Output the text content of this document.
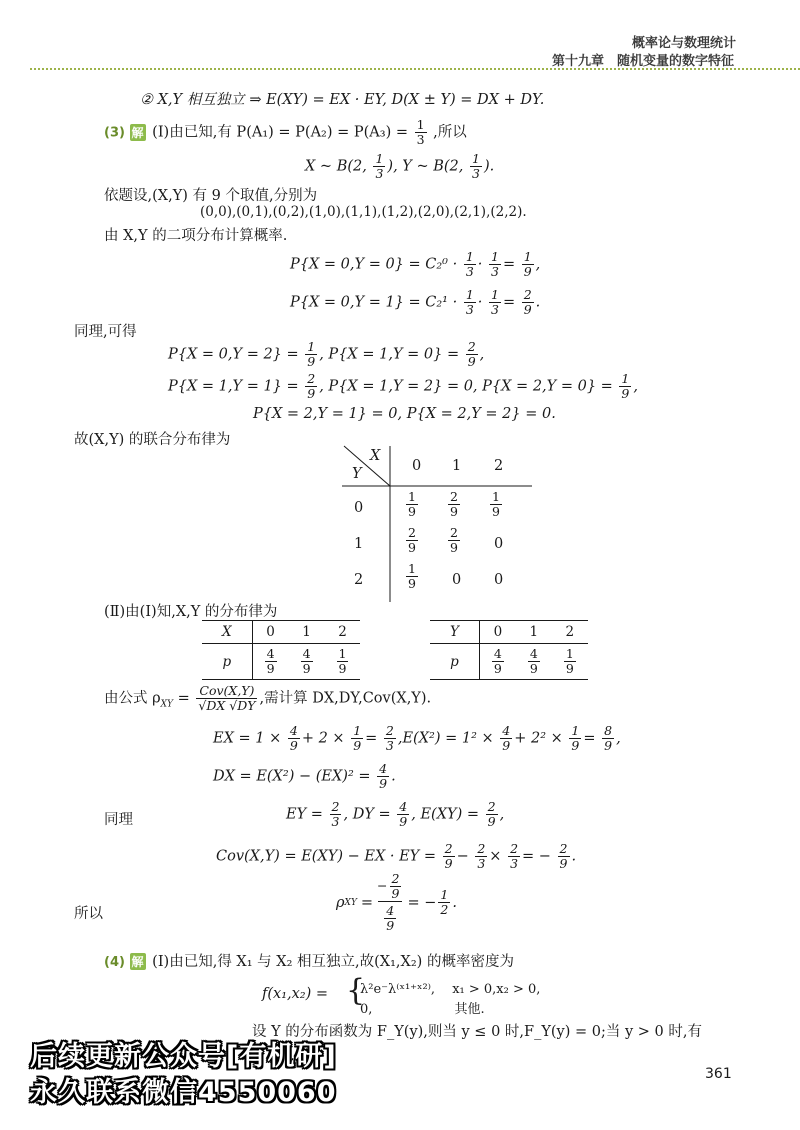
概率论与数理统计
第十九章　随机变量的数字特征
② X,Y 相互独立 ⇒ E(XY) = EX · EY, D(X ± Y) = DX + DY.
(3) 解 (Ⅰ)由已知,有 $P(A_1) = P(A_2) = P(A_3) = \frac{1}{3}$ ,所以
X ~ B(2, $\frac{1}{3}$ ), Y ~ B(2, $\frac{1}{3}$ ).
依题设,(X,Y) 有 9 个取值,分别为
(0,0),(0,1),(0,2),(1,0),(1,1),(1,2),(2,0),(2,1),(2,2).
由 X,Y 的二项分布计算概率.
$P\{X = 0,Y = 0\} = C_2^0 \cdot \frac{1}{3} \cdot \frac{1}{3} = \frac{1}{9}$ ,
$P\{X = 0,Y = 1\} = C_2^1 \cdot \frac{1}{3} \cdot \frac{1}{3} = \frac{2}{9}$ .
同理,可得
$P\{X = 0,Y = 2\} = \frac{1}{9}$ , $P\{X = 1,Y = 0\} = \frac{2}{9}$ ,
$P\{X = 1,Y = 1\} = \frac{2}{9}$ , P{X = 1,Y = 2} = 0, $P\{X = 2,Y = 0\} = \frac{1}{9}$ ,
P{X = 2,Y = 1} = 0, P{X = 2,Y = 2} = 0.
故(X,Y) 的联合分布律为
X
Y	0 1 2
0	$\frac{1}{9} \frac{2}{9} \frac{1}{9}$
1	$\frac{2}{9} \frac{2}{9} 0$
2	$\frac{1}{9} 0$ 0
(Ⅱ)由(Ⅰ)知,X,Y 的分布律为
X	0	1	2
p	$\frac{4}{9}$	$\frac{4}{9}$	$\frac{1}{9}$
Y	0	1	2
p	$\frac{4}{9}$	$\frac{4}{9}$	$\frac{1}{9}$
由公式 $\rho_{XY} = \frac{\text{Cov(X,Y)}}{√DX √DY}$ ,需计算 DX,DY,Cov(X,Y).
EX = $1 \times \frac{4}{9} + 2 \times \frac{1}{9} = \frac{2}{3} ,E(X^2) = 1^2 \times \frac{4}{9} + 2^2 \times \frac{1}{9} = \frac{8}{9}$ ,
DX = $E(X^2) - (EX)^2 = \frac{4}{9}$ .
同理	EY = $\frac{2}{3}$ , DY = $\frac{4}{9}$ , $E(XY) = \frac{2}{9}$ ,
Cov(X,Y) = E(XY) − EX · EY = $\frac{2}{9} - \frac{2}{3} \times \frac{2}{3}$ = − $\frac{2}{9}$ .
所以
ρ XY = $\frac{- \frac{2}{9}}{\frac{4}{9}}$ = − $\frac{1}{2}$ .
(4) 解 (Ⅰ)由已知,得 X₁ 与 X₂ 相互独立,故(X₁,X₂) 的概率密度为
f(x₁,x₂) = {
λ²e⁻λ⁽ˣ¹⁺ˣ²⁾,　 x₁ > 0,x₂ > 0,
0,　　　　　　 其他.
设 Y 的分布函数为 F_Y(y),则当 y ≤ 0 时,F_Y(y) = 0;当 y > 0 时,有
后续更新公众号[有机研]
永久联系微信4550060
361
